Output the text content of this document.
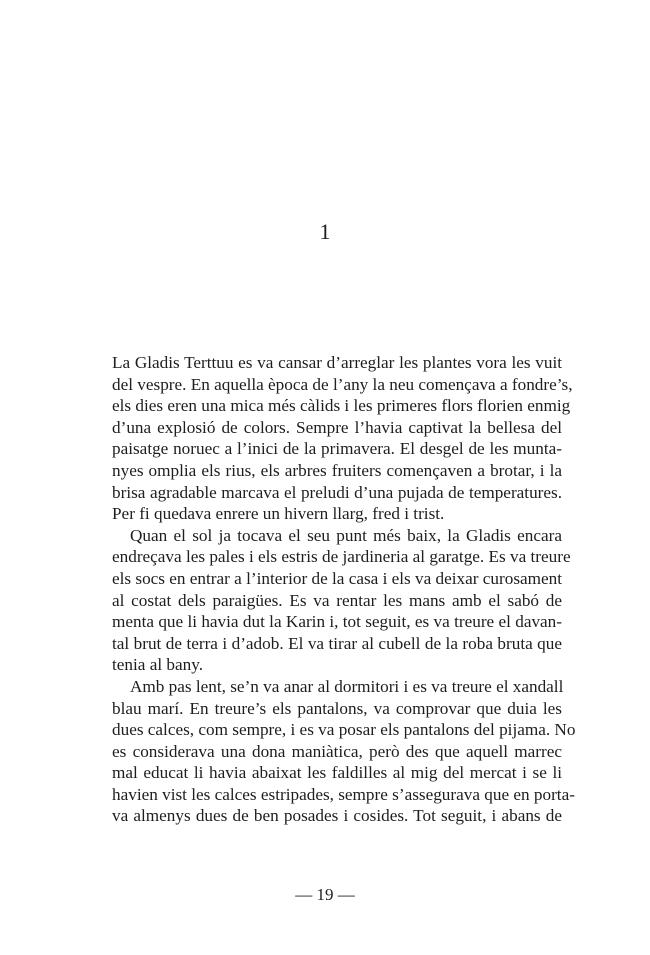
1
La Gladis Terttuu es va cansar d’arreglar les plantes vora les vuit
del vespre. En aquella època de l’any la neu començava a fondre’s,
els dies eren una mica més càlids i les primeres flors florien enmig
d’una explosió de colors. Sempre l’havia captivat la bellesa del
paisatge noruec a l’inici de la primavera. El desgel de les munta-
nyes omplia els rius, els arbres fruiters començaven a brotar, i la
brisa agradable marcava el preludi d’una pujada de temperatures.
Per fi quedava enrere un hivern llarg, fred i trist.
Quan el sol ja tocava el seu punt més baix, la Gladis encara
endreçava les pales i els estris de jardineria al garatge. Es va treure
els socs en entrar a l’interior de la casa i els va deixar curosament
al costat dels paraigües. Es va rentar les mans amb el sabó de
menta que li havia dut la Karin i, tot seguit, es va treure el davan-
tal brut de terra i d’adob. El va tirar al cubell de la roba bruta que
tenia al bany.
Amb pas lent, se’n va anar al dormitori i es va treure el xandall
blau marí. En treure’s els pantalons, va comprovar que duia les
dues calces, com sempre, i es va posar els pantalons del pijama. No
es considerava una dona maniàtica, però des que aquell marrec
mal educat li havia abaixat les faldilles al mig del mercat i se li
havien vist les calces estripades, sempre s’assegurava que en porta-
va almenys dues de ben posades i cosides. Tot seguit, i abans de
— 19 —
